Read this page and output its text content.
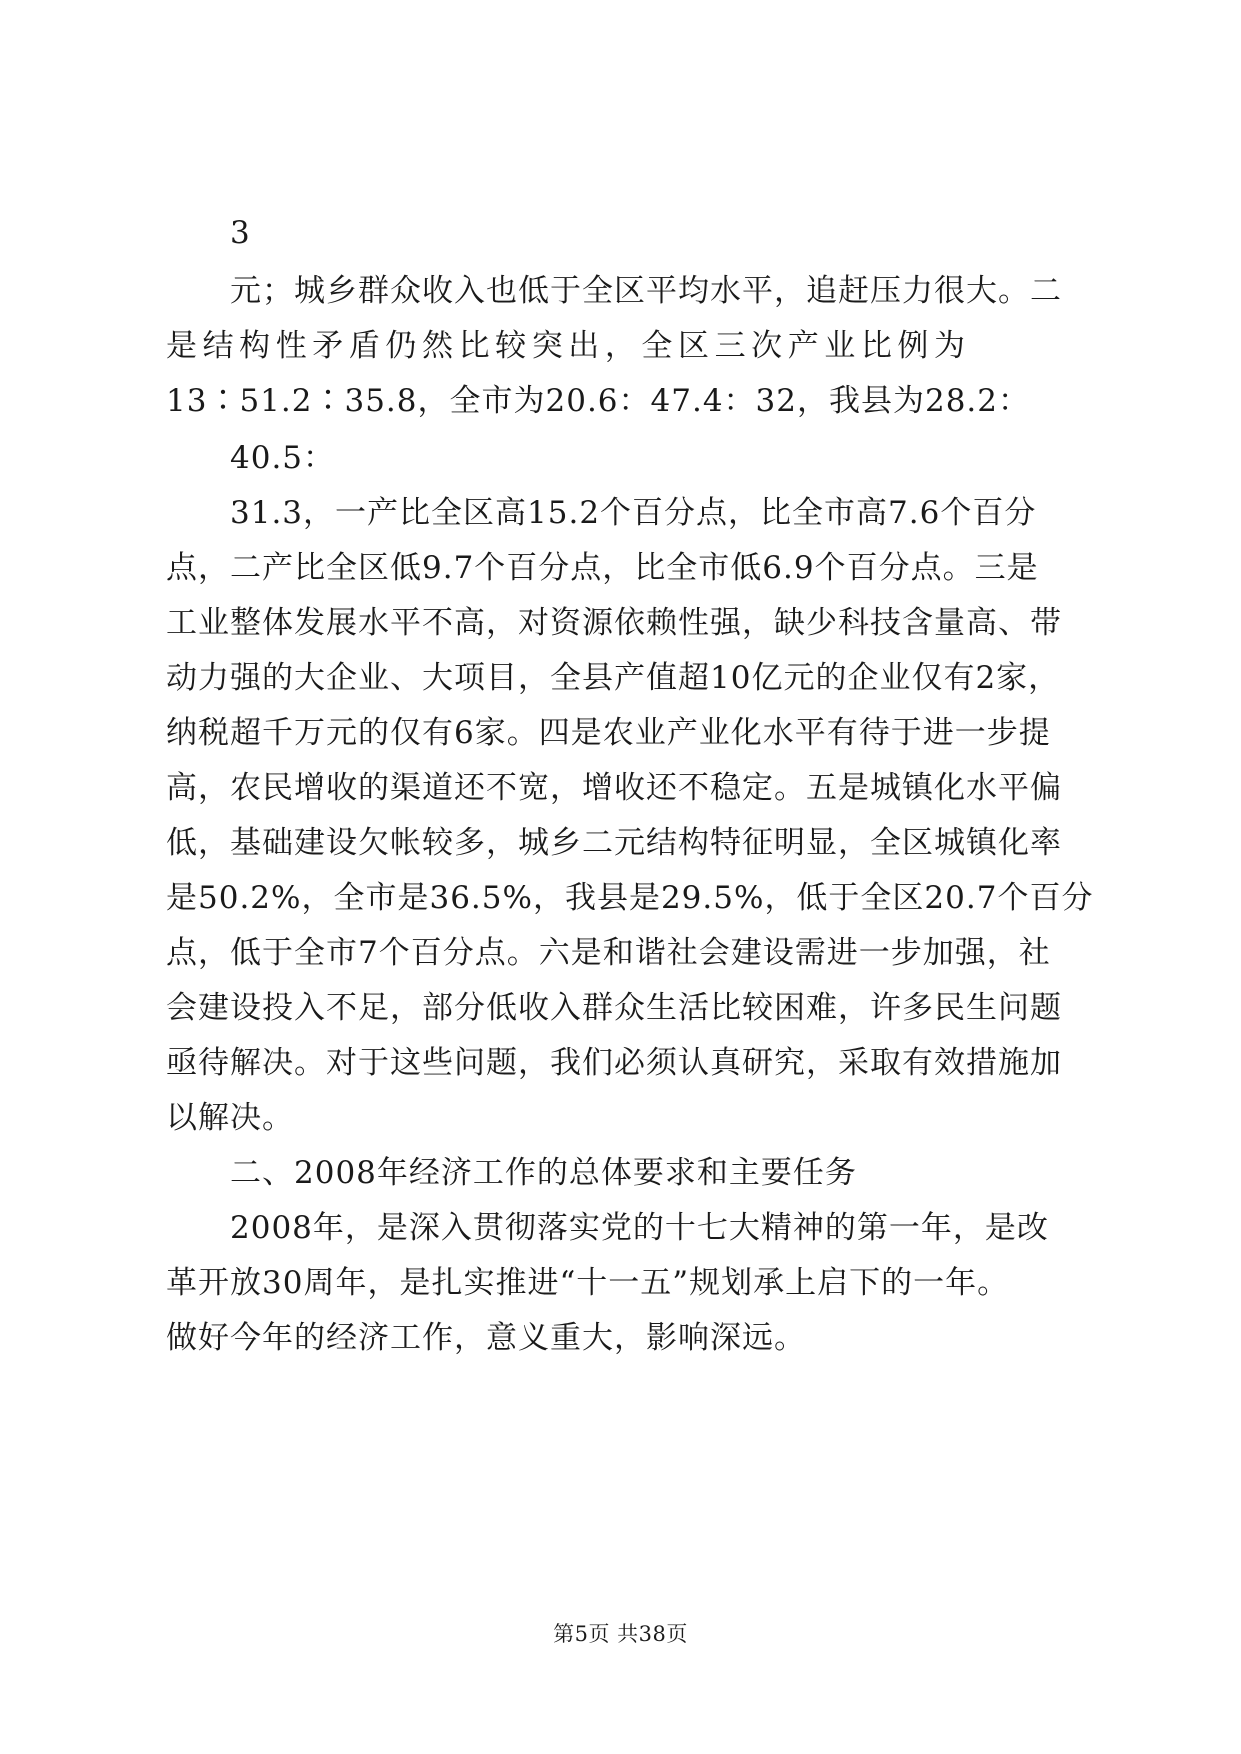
3
元；城乡群众收入也低于全区平均水平，追赶压力很大。二
是结构性矛盾仍然比较突出，全区三次产业比例为
13∶51.2∶35.8，全市为20.6：47.4：32，我县为28.2：
40.5：
31.3，一产比全区高15.2个百分点，比全市高7.6个百分
点，二产比全区低9.7个百分点，比全市低6.9个百分点。三是
工业整体发展水平不高，对资源依赖性强，缺少科技含量高、带
动力强的大企业、大项目，全县产值超10亿元的企业仅有2家，
纳税超千万元的仅有6家。四是农业产业化水平有待于进一步提
高，农民增收的渠道还不宽，增收还不稳定。五是城镇化水平偏
低，基础建设欠帐较多，城乡二元结构特征明显，全区城镇化率
是50.2%，全市是36.5%，我县是29.5%，低于全区20.7个百分
点，低于全市7个百分点。六是和谐社会建设需进一步加强，社
会建设投入不足，部分低收入群众生活比较困难，许多民生问题
亟待解决。对于这些问题，我们必须认真研究，采取有效措施加
以解决。
二、2008年经济工作的总体要求和主要任务
2008年，是深入贯彻落实党的十七大精神的第一年，是改
革开放30周年，是扎实推进“十一五”规划承上启下的一年。
做好今年的经济工作，意义重大，影响深远。
第5页 共38页
